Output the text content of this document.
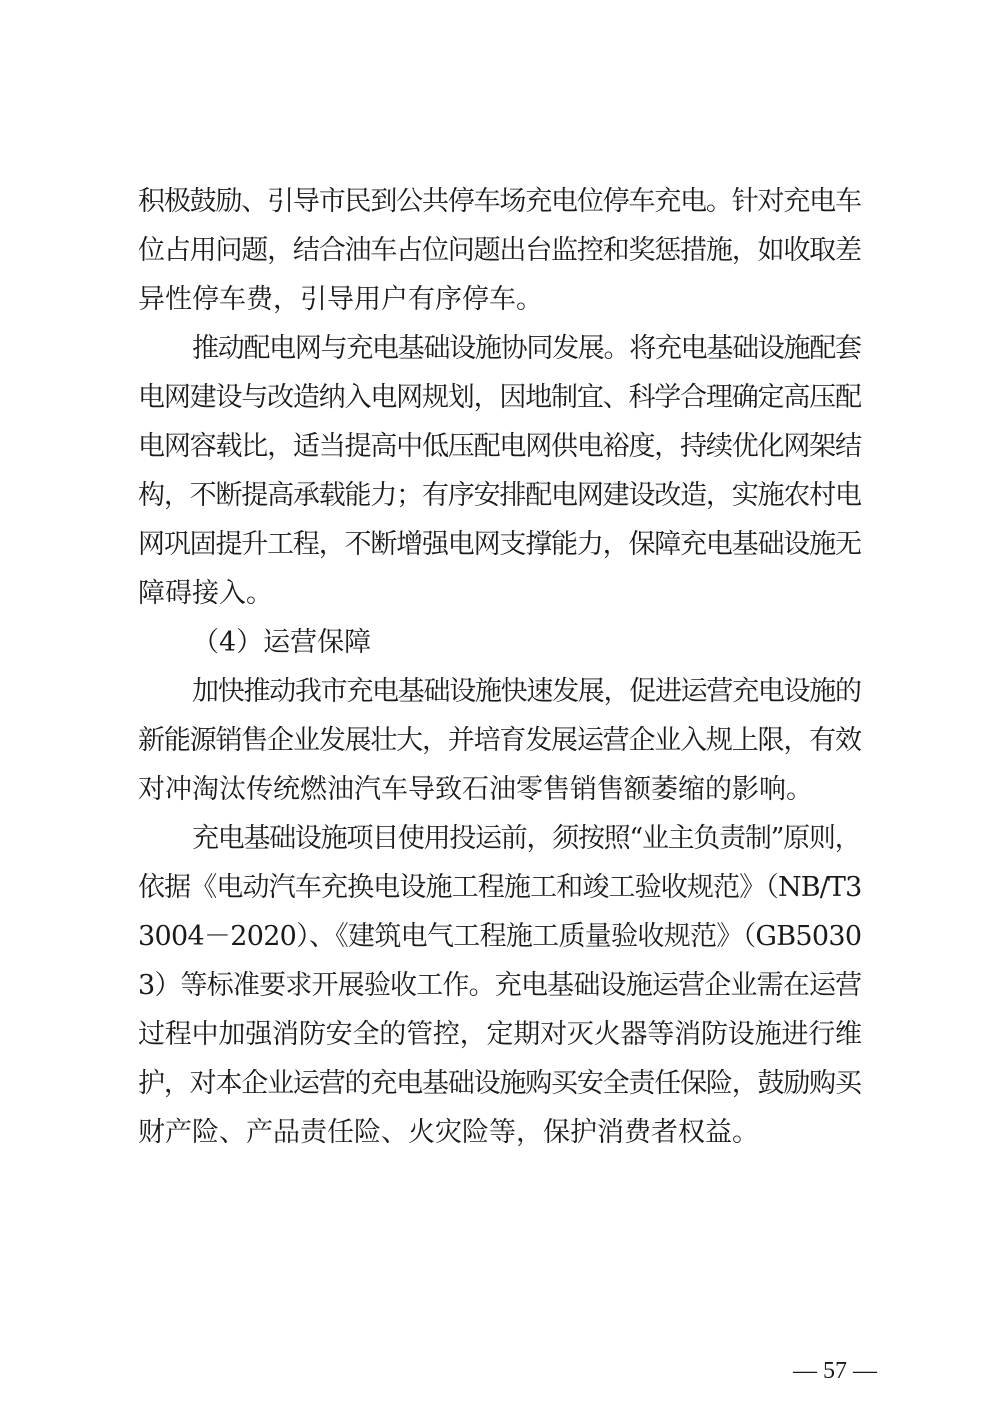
积极鼓励、引导市民到公共停车场充电位停车充电。针对充电车
位占用问题，结合油车占位问题出台监控和奖惩措施，如收取差
异性停车费，引导用户有序停车。
推动配电网与充电基础设施协同发展。将充电基础设施配套
电网建设与改造纳入电网规划，因地制宜、科学合理确定高压配
电网容载比，适当提高中低压配电网供电裕度，持续优化网架结
构，不断提高承载能力；有序安排配电网建设改造，实施农村电
网巩固提升工程，不断增强电网支撑能力，保障充电基础设施无
障碍接入。
（4）运营保障
加快推动我市充电基础设施快速发展，促进运营充电设施的
新能源销售企业发展壮大，并培育发展运营企业入规上限，有效
对冲淘汰传统燃油汽车导致石油零售销售额萎缩的影响。
充电基础设施项目使用投运前，须按照“业主负责制”原则，
依据《电动汽车充换电设施工程施工和竣工验收规范》（NB/T3
3004－2020）、《建筑电气工程施工质量验收规范》（GB5030
3）等标准要求开展验收工作。充电基础设施运营企业需在运营
过程中加强消防安全的管控，定期对灭火器等消防设施进行维
护，对本企业运营的充电基础设施购买安全责任保险，鼓励购买
财产险、产品责任险、火灾险等，保护消费者权益。
— 57 —
